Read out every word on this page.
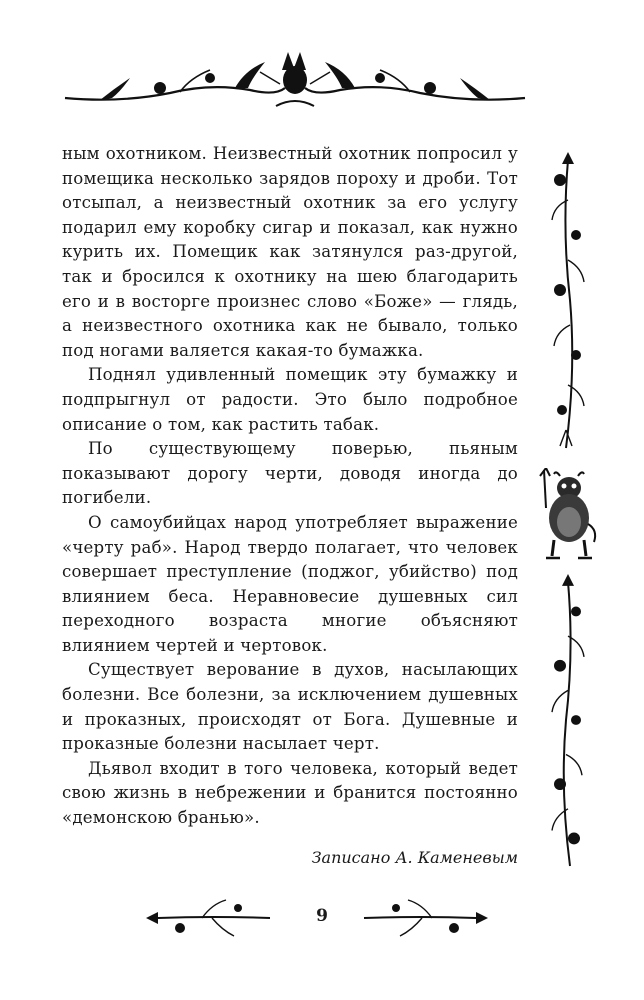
ным охотником. Неизвестный охотник попросил у помещика несколько зарядов пороху и дроби. Тот отсыпал, а неизвестный охотник за его услугу подарил ему коробку сигар и показал, как нужно курить их. Помещик как затянулся раз-другой, так и бросился к охотнику на шею благодарить его и в восторге произнес слово «Боже» — глядь, а неизвестного охотника как не бывало, только под ногами валяется какая-то бумажка.

Поднял удивленный помещик эту бумажку и подпрыгнул от радости. Это было подробное описание о том, как растить табак.

По существующему поверью, пьяным показывают дорогу черти, доводя иногда до погибели.

О самоубийцах народ употребляет выражение «черту раб». Народ твердо полагает, что человек совершает преступление (поджог, убийство) под влиянием беса. Неравновесие душевных сил переходного возраста многие объясняют влиянием чертей и чертовок.

Существует верование в духов, насылающих болезни. Все болезни, за исключением душевных и проказных, происходят от Бога. Душевные и проказные болезни насылает черт.

Дьявол входит в того человека, который ведет свою жизнь в небрежении и бранится постоянно «демонскою бранью».

Записано А. Каменевым
9
